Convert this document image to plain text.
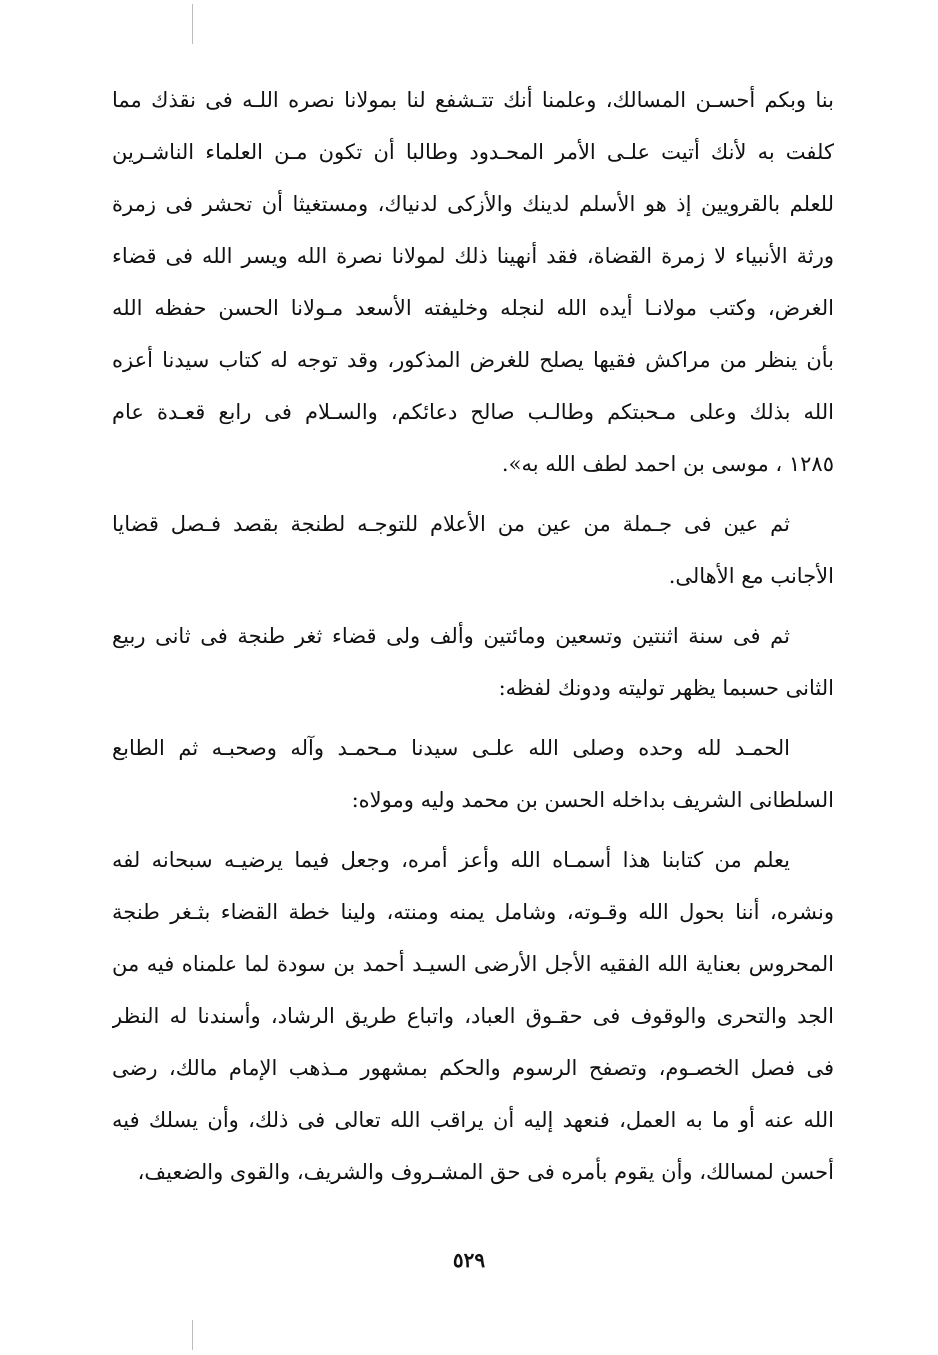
بنا وبكم أحسـن المسالك، وعلمنا أنك تتـشفع لنا بمولانا نصره اللـه فى نقذك مما
كلفت به لأنك أتيت علـى الأمر المحـدود وطالبا أن تكون مـن العلماء الناشـرين
للعلم بالقرويين إذ هو الأسلم لدينك والأزكى لدنياك، ومستغيثا أن تحشر فى زمرة
ورثة الأنبياء لا زمرة القضاة، فقد أنهينا ذلك لمولانا نصرة الله ويسر الله فى قضاء
الغرض، وكتب مولانـا أيده الله لنجله وخليفته الأسعد مـولانا الحسن حفظه الله
بأن ينظر من مراكش فقيها يصلح للغرض المذكور، وقد توجه له كتاب سيدنا أعزه
الله بذلك وعلى مـحبتكم وطالـب صالح دعائكم، والسـلام فى رابع قعـدة عام
١٢٨٥ ، موسى بن احمد لطف الله به».
ثم عين فى جـملة من عين من الأعلام للتوجـه لطنجة بقصد فـصل قضايا
الأجانب مع الأهالى.
ثم فى سنة اثنتين وتسعين ومائتين وألف ولى قضاء ثغر طنجة فى ثانى ربيع
الثانى حسبما يظهر توليته ودونك لفظه:
الحمـد لله وحده وصلى الله علـى سيدنا مـحمـد وآله وصحبـه ثم الطابع
السلطانى الشريف بداخله الحسن بن محمد وليه ومولاه:
يعلم من كتابنا هذا أسمـاه الله وأعز أمره، وجعل فيما يرضيـه سبحانه لفه
ونشره، أننا بحول الله وقـوته، وشامل يمنه ومنته، ولينا خطة القضاء بثـغر طنجة
المحروس بعناية الله الفقيه الأجل الأرضى السيـد أحمد بن سودة لما علمناه فيه من
الجد والتحرى والوقوف فى حقـوق العباد، واتباع طريق الرشاد، وأسندنا له النظر
فى فصل الخصـوم، وتصفح الرسوم والحكم بمشهور مـذهب الإمام مالك، رضى
الله عنه أو ما به العمل، فنعهد إليه أن يراقب الله تعالى فى ذلك، وأن يسلك فيه
أحسن لمسالك، وأن يقوم بأمره فى حق المشـروف والشريف، والقوى والضعيف،
٥٢٩
